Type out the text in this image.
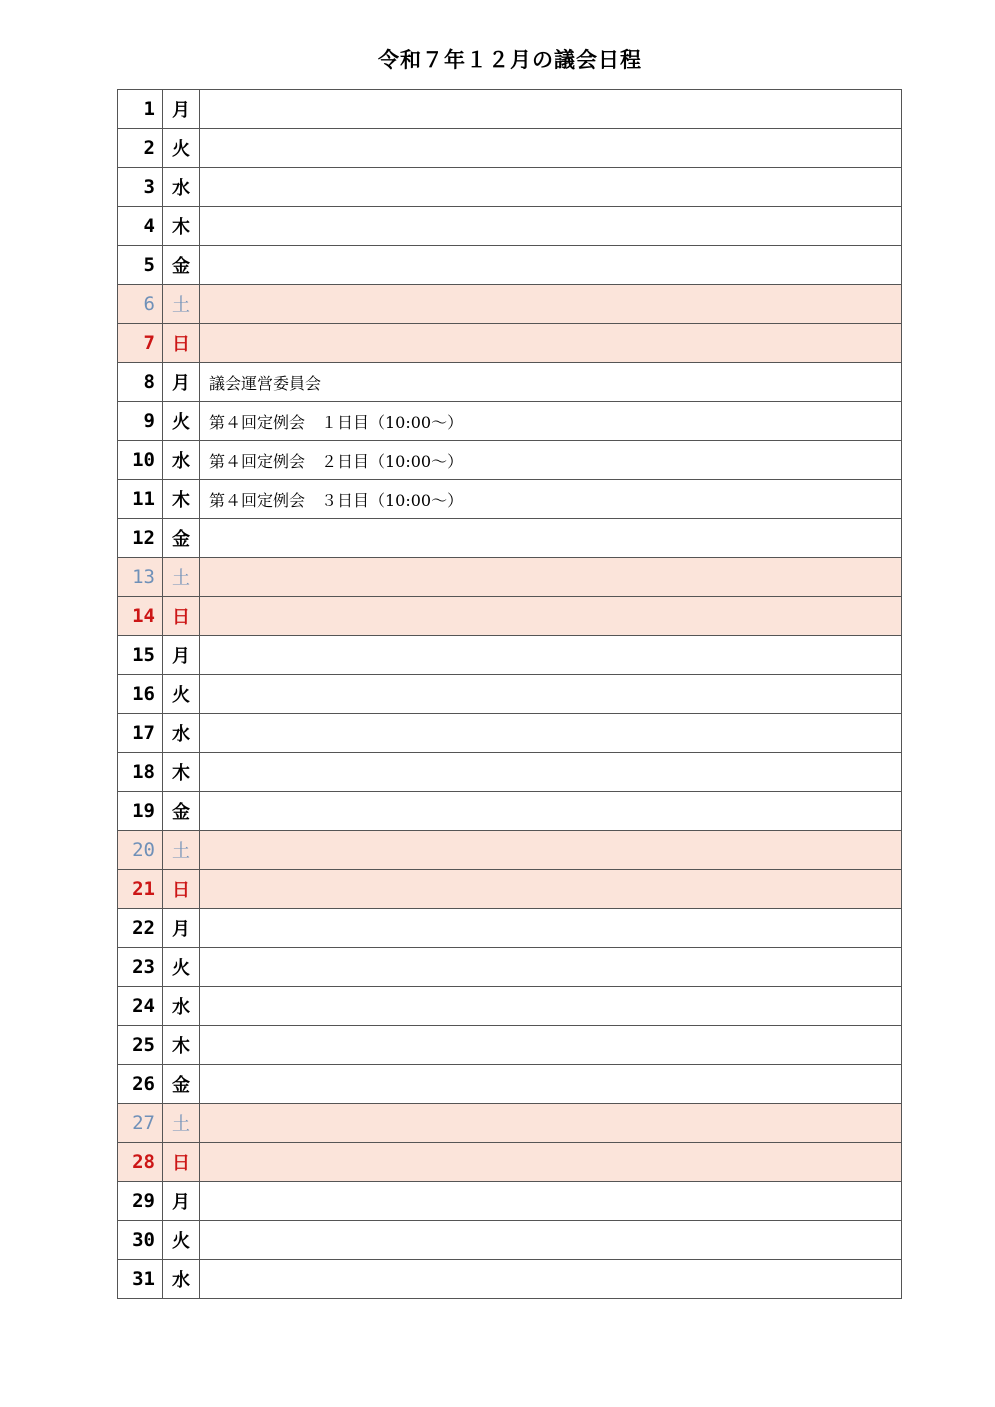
令和７年１２月の議会日程
1	月	
2	火	
3	水	
4	木	
5	金	
6	土	
7	日	
8	月	議会運営委員会
9	火	第４回定例会　１日目（10:00～）
10	水	第４回定例会　２日目（10:00～）
11	木	第４回定例会　３日目（10:00～）
12	金	
13	土	
14	日	
15	月	
16	火	
17	水	
18	木	
19	金	
20	土	
21	日	
22	月	
23	火	
24	水	
25	木	
26	金	
27	土	
28	日	
29	月	
30	火	
31	水	
